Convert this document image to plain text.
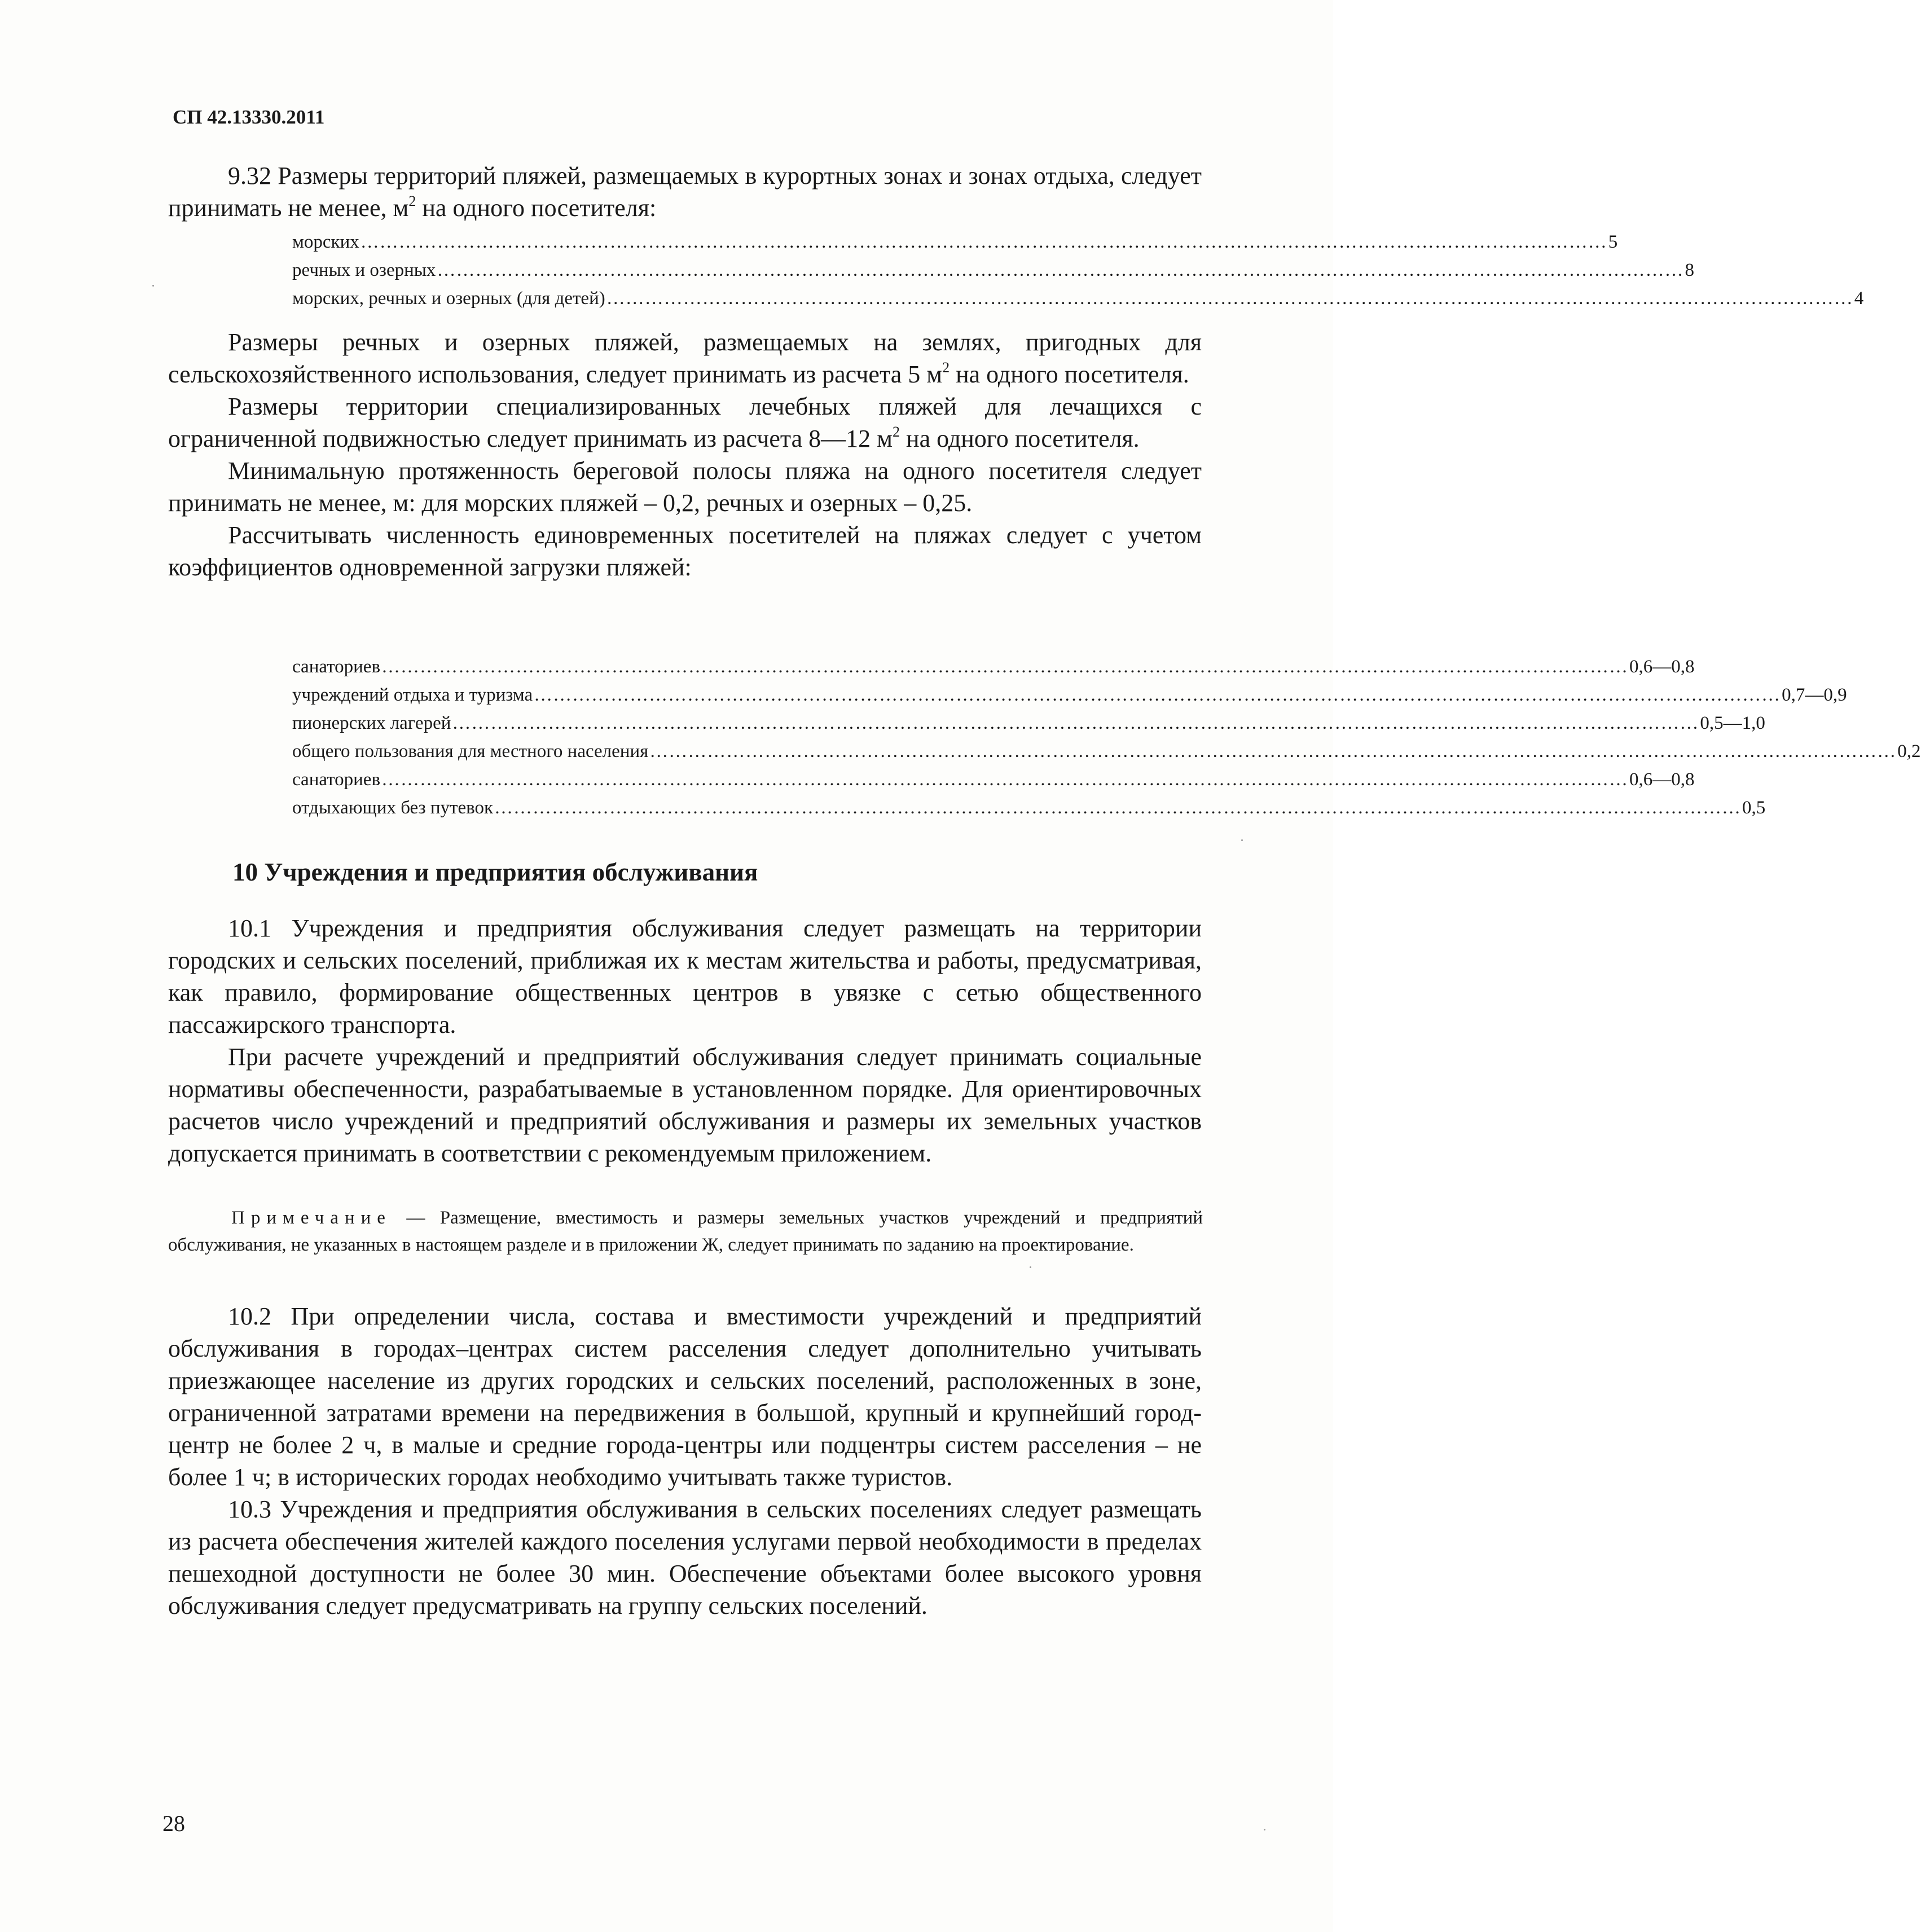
СП 42.13330.2011

9.32 Размеры территорий пляжей, размещаемых в курортных зонах и зонах отдыха, следует принимать не менее, $м^2$ на одного посетителя:

морских …………………………………………………………………………………………………………………………………………………………………………… 5
речных и озерных …………………………………………………………………………………………………………………………………………………………………………… 8
морских, речных и озерных (для детей) …………………………………………………………………………………………………………………………………………………………………………… 4

Размеры речных и озерных пляжей, размещаемых на землях, пригодных для сельскохозяйственного использования, следует принимать из расчета 5 $м^2$ на одного посетителя.

Размеры территории специализированных лечебных пляжей для лечащихся с ограниченной подвижностью следует принимать из расчета 8—12 $м^2$ на одного посетителя.

Минимальную протяженность береговой полосы пляжа на одного посетителя следует принимать не менее, м: для морских пляжей – 0,2, речных и озерных – 0,25.

Рассчитывать численность единовременных посетителей на пляжах следует с учетом коэффициентов одновременной загрузки пляжей:

санаториев …………………………………………………………………………………………………………………………………………………………………………… 0,6—0,8
учреждений отдыха и туризма …………………………………………………………………………………………………………………………………………………………………………… 0,7—0,9
пионерских лагерей …………………………………………………………………………………………………………………………………………………………………………… 0,5—1,0
общего пользования для местного населения …………………………………………………………………………………………………………………………………………………………………………… 0,2
санаториев …………………………………………………………………………………………………………………………………………………………………………… 0,6—0,8
отдыхающих без путевок …………………………………………………………………………………………………………………………………………………………………………… 0,5
10 Учреждения и предприятия обслуживания

10.1 Учреждения и предприятия обслуживания следует размещать на территории городских и сельских поселений, приближая их к местам жительства и работы, предусматривая, как правило, формирование общественных центров в увязке с сетью общественного пассажирского транспорта.

При расчете учреждений и предприятий обслуживания следует принимать социальные нормативы обеспеченности, разрабатываемые в установленном порядке. Для ориентировочных расчетов число учреждений и предприятий обслуживания и размеры их земельных участков допускается принимать в соответствии с рекомендуемым приложением.

Примечание — Размещение, вместимость и размеры земельных участков учреждений и предприятий обслуживания, не указанных в настоящем разделе и в приложении Ж, следует принимать по заданию на проектирование.

10.2 При определении числа, состава и вместимости учреждений и предприятий обслуживания в городах–центрах систем расселения следует дополнительно учитывать приезжающее население из других городских и сельских поселений, расположенных в зоне, ограниченной затратами времени на передвижения в большой, крупный и крупнейший город-центр не более 2 ч, в малые и средние города-центры или подцентры систем расселения – не более 1 ч; в исторических городах необходимо учитывать также туристов.

10.3 Учреждения и предприятия обслуживания в сельских поселениях следует размещать из расчета обеспечения жителей каждого поселения услугами первой необходимости в пределах пешеходной доступности не более 30 мин. Обеспечение объектами более высокого уровня обслуживания следует предусматривать на группу сельских поселений.

28
